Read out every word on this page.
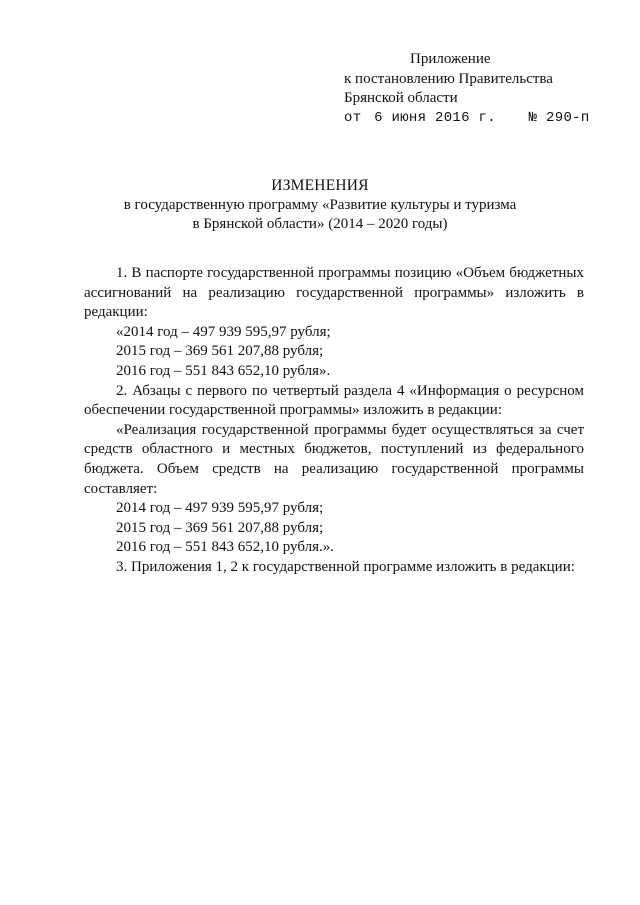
Приложение
к постановлению Правительства
Брянской области
от 6 июня 2016 г. № 290-п
ИЗМЕНЕНИЯ
в государственную программу «Развитие культуры и туризма
в Брянской области» (2014 – 2020 годы)

1. В паспорте государственной программы позицию «Объем бюджетных ассигнований на реализацию государственной программы» изложить в редакции:

«2014 год – 497 939 595,97 рубля;

2015 год – 369 561 207,88 рубля;

2016 год – 551 843 652,10 рубля».

2. Абзацы с первого по четвертый раздела 4 «Информация о ресурсном обеспечении государственной программы» изложить в редакции:

«Реализация государственной программы будет осуществляться за счет средств областного и местных бюджетов, поступлений из федерального бюджета. Объем средств на реализацию государственной программы составляет:

2014 год – 497 939 595,97 рубля;

2015 год – 369 561 207,88 рубля;

2016 год – 551 843 652,10 рубля.».

3. Приложения 1, 2 к государственной программе изложить в редакции:
